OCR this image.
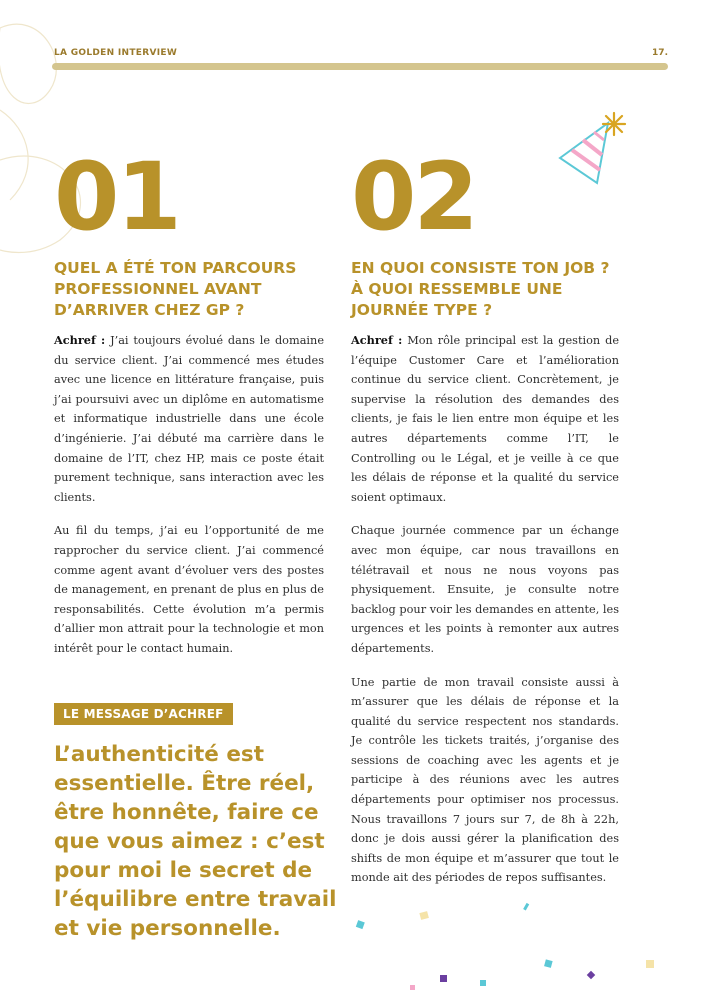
LA GOLDEN INTERVIEW	17.
01
QUEL A ÉTÉ TON PARCOURS PROFESSIONNEL AVANT D’ARRIVER CHEZ GP ?

Achref : J’ai toujours évolué dans le domaine du service client. J’ai commencé mes études avec une licence en littérature française, puis j’ai poursuivi avec un diplôme en automatisme et informatique industrielle dans une école d’ingénierie. J’ai débuté ma carrière dans le domaine de l’IT, chez HP, mais ce poste était purement technique, sans interaction avec les clients.

Au fil du temps, j’ai eu l’opportunité de me rapprocher du service client. J’ai commencé comme agent avant d’évoluer vers des postes de management, en prenant de plus en plus de responsabilités. Cette évolution m’a permis d’allier mon attrait pour la technologie et mon intérêt pour le contact humain.

02
EN QUOI CONSISTE TON JOB ? À QUOI RESSEMBLE UNE JOURNÉE TYPE ?

Achref : Mon rôle principal est la gestion de l’équipe Customer Care et l’amélioration continue du service client. Concrètement, je supervise la résolution des demandes des clients, je fais le lien entre mon équipe et les autres départements comme l’IT, le Controlling ou le Légal, et je veille à ce que les délais de réponse et la qualité du service soient optimaux.

Chaque journée commence par un échange avec mon équipe, car nous travaillons en télétravail et nous ne nous voyons pas physiquement. Ensuite, je consulte notre backlog pour voir les demandes en attente, les urgences et les points à remonter aux autres départements.

Une partie de mon travail consiste aussi à m’assurer que les délais de réponse et la qualité du service respectent nos standards. Je contrôle les tickets traités, j’organise des sessions de coaching avec les agents et je participe à des réunions avec les autres départements pour optimiser nos processus. Nous travaillons 7 jours sur 7, de 8h à 22h, donc je dois aussi gérer la planification des shifts de mon équipe et m’assurer que tout le monde ait des périodes de repos suffisantes.

LE MESSAGE D’ACHREF
L’authenticité est essentielle. Être réel, être honnête, faire ce que vous aimez : c’est pour moi le secret de l’équilibre entre travail et vie personnelle.
